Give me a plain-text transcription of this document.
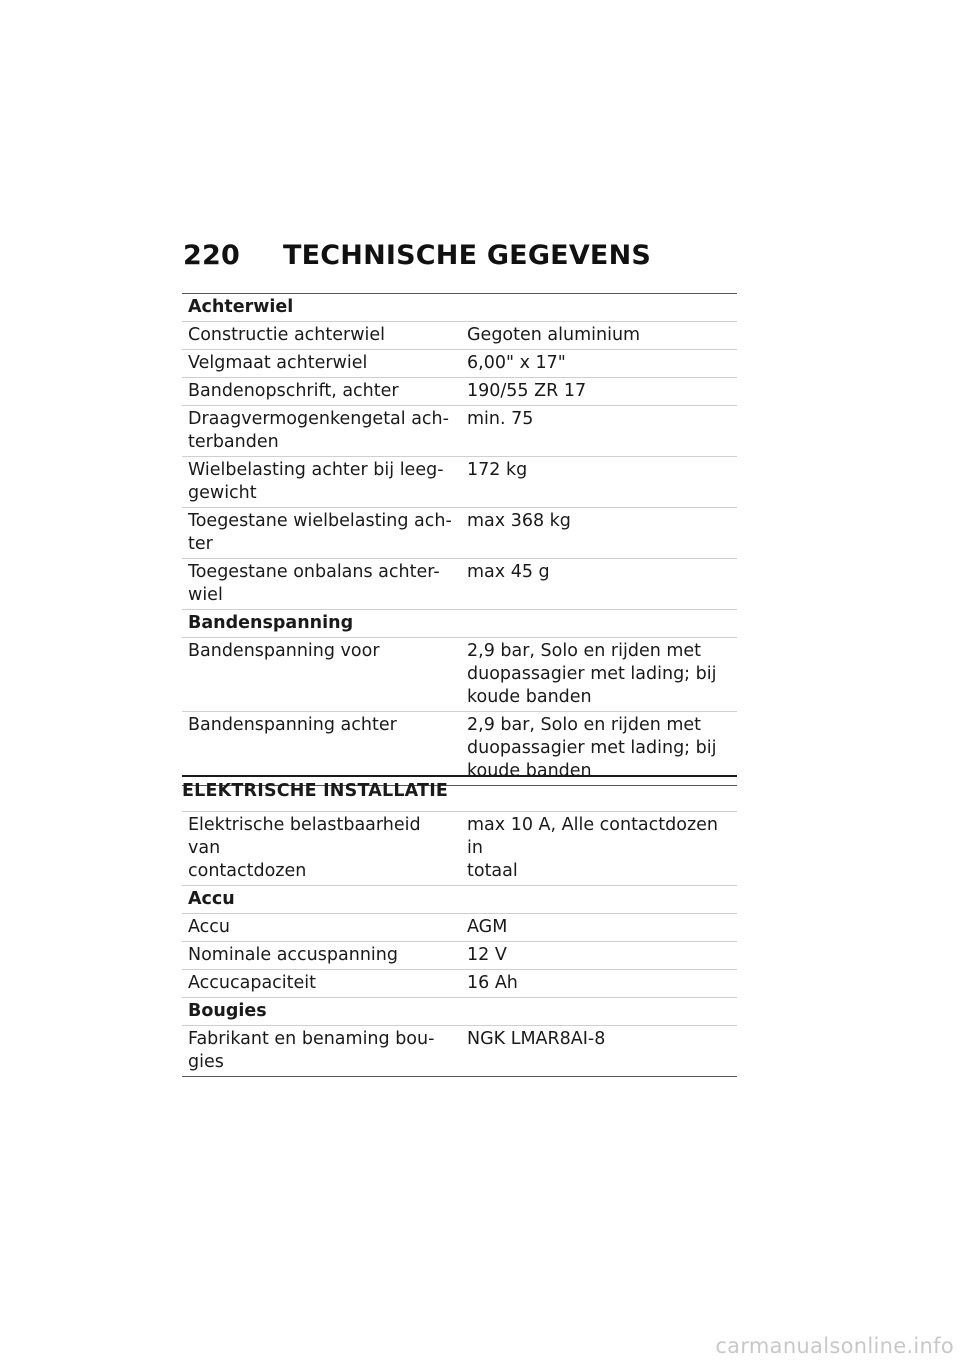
220	TECHNISCHE GEGEVENS
Achterwiel	
Constructie achterwiel	Gegoten aluminium
Velgmaat achterwiel	6,00" x 17"
Bandenopschrift, achter	190/55 ZR 17
Draagvermogenkengetal ach-
terbanden	min. 75
Wielbelasting achter bij leeg-
gewicht	172 kg
Toegestane wielbelasting ach-
ter	max 368 kg
Toegestane onbalans achter-
wiel	max 45 g
Bandenspanning	
Bandenspanning voor	2,9 bar, Solo en rijden met
duopassagier met lading; bij
koude banden
Bandenspanning achter	2,9 bar, Solo en rijden met
duopassagier met lading; bij
koude banden
ELEKTRISCHE INSTALLATIE
Elektrische belastbaarheid van
contactdozen	max 10 A, Alle contactdozen in
totaal
Accu	
Accu	AGM
Nominale accuspanning	12 V
Accucapaciteit	16 Ah
Bougies	
Fabrikant en benaming bou-
gies	NGK LMAR8AI-8
carmanualsonline.info
